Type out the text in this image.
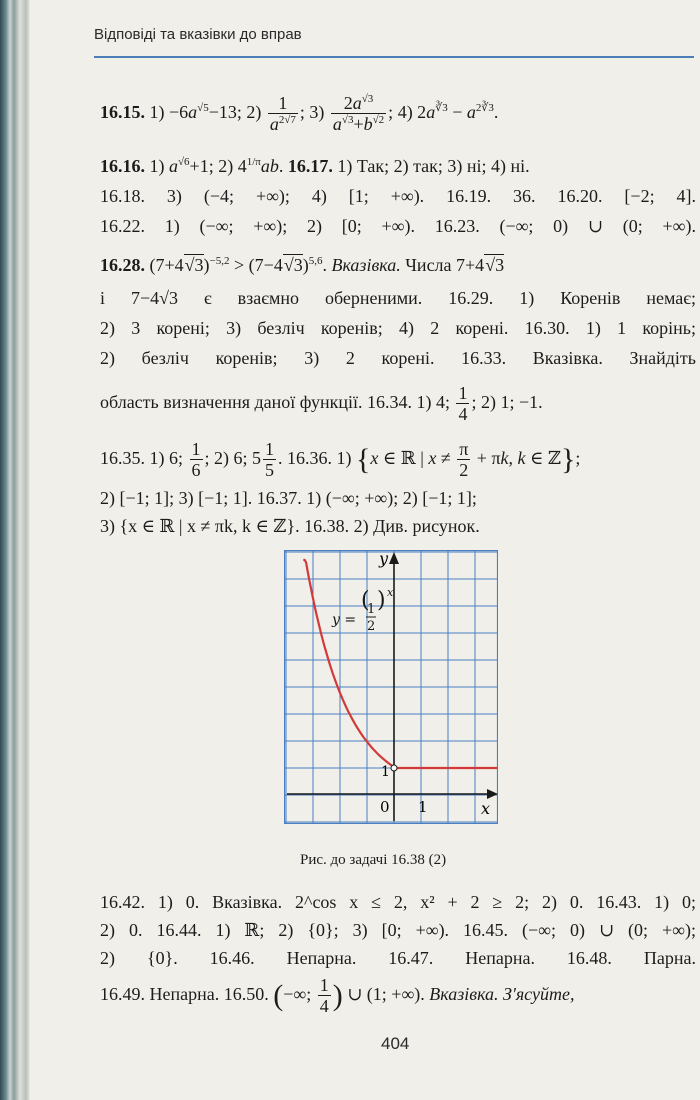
Відповіді та вказівки до вправ
16.15. $1) -6a^{√5}-13$; $2) \frac{1}{a^{2√7}}$ ; $3) \frac{2a^{√3}}{a^{√3}+b^{√2}}$ ; 4) $2a^{∛3} - a^{2∛3}$.
16.16. 1) $a^{√6}+1$; 2) $4^{1/\pi}ab$. 16.17. 1) Так; 2) так; 3) ні; 4) ні.
16.18. 3) (−4; +∞); 4) [1; +∞). 16.19. 36. 16.20. [−2; 4].
16.22. 1) (−∞; +∞); 2) [0; +∞). 16.23. (−∞; 0) ∪ (0; +∞).
16.28. $(7+4√3)^{-5,2} > (7-4√3)^{5,6}$. Вказівка. Числа 7+4√3
і 7−4√3 є взаємно оберненими. 16.29. 1) Коренів немає;
2) 3 корені; 3) безліч коренів; 4) 2 корені. 16.30. 1) 1 корінь;
2) безліч коренів; 3) 2 корені. 16.33. Вказівка. Знайдіть
область визначення даної функції. 16.34. 1) 4; $\frac{1}{4}$ ; 2) 1; −1.
16.35. 1) 6; $\frac{1}{6}$ ; 2) 6; $5 \frac{1}{5}$ . 16.36. 1) {x ∈ ℝ | $x \ne \frac{\pi}{2} + \pi k$, k ∈ ℤ};
2) [−1; 1]; 3) [−1; 1]. 16.37. 1) (−∞; +∞); 2) [−1; 1];
3) {x ∈ ℝ | x ≠ πk, k ∈ ℤ}. 16.38. 2) Див. рисунок.
0 1	x
y
1
y =
(
1
2
) x
Рис. до задачі 16.38 (2)
16.42. 1) 0. Вказівка. 2^cos x ≤ 2, x² + 2 ≥ 2; 2) 0. 16.43. 1) 0;
2) 0. 16.44. 1) ℝ; 2) {0}; 3) [0; +∞). 16.45. (−∞; 0) ∪ (0; +∞);
2) {0}. 16.46. Непарна. 16.47. Непарна. 16.48. Парна.
16.49. Непарна. 16.50. (−∞; $\frac{1}{4}$ ) ∪ (1; +∞). Вказівка. З'ясуйте,
404
